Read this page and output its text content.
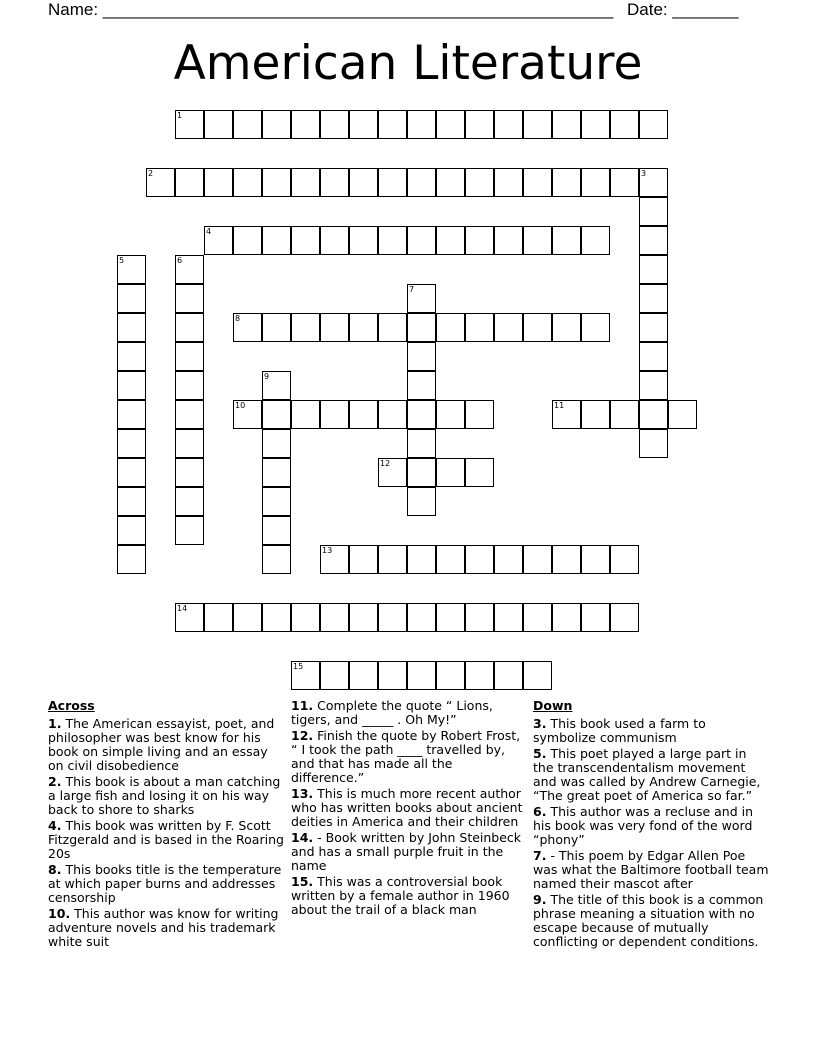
Name: ______________________________________________________ Date: _______
American Literature
1
2	3
4
5	6
7
8
9
10	11
12
13
14
15
Across
1. The American essayist, poet, and philosopher was best know for his book on simple living and an essay on civil disobedience
2. This book is about a man catching a large fish and losing it on his way back to shore to sharks
4. This book was written by F. Scott Fitzgerald and is based in the Roaring 20s
8. This books title is the temperature at which paper burns and addresses censorship
10. This author was know for writing adventure novels and his trademark white suit
11. Complete the quote “ Lions, tigers, and _____ . Oh My!”
12. Finish the quote by Robert Frost, “ I took the path ____ travelled by, and that has made all the difference.”
13. This is much more recent author who has written books about ancient deities in America and their children
14. - Book written by John Steinbeck and has a small purple fruit in the name
15. This was a controversial book written by a female author in 1960 about the trail of a black man
Down
3. This book used a farm to symbolize communism
5. This poet played a large part in the transcendentalism movement and was called by Andrew Carnegie, “The great poet of America so far.”
6. This author was a recluse and in his book was very fond of the word “phony”
7. - This poem by Edgar Allen Poe was what the Baltimore football team named their mascot after
9. The title of this book is a common phrase meaning a situation with no escape because of mutually conflicting or dependent conditions.
